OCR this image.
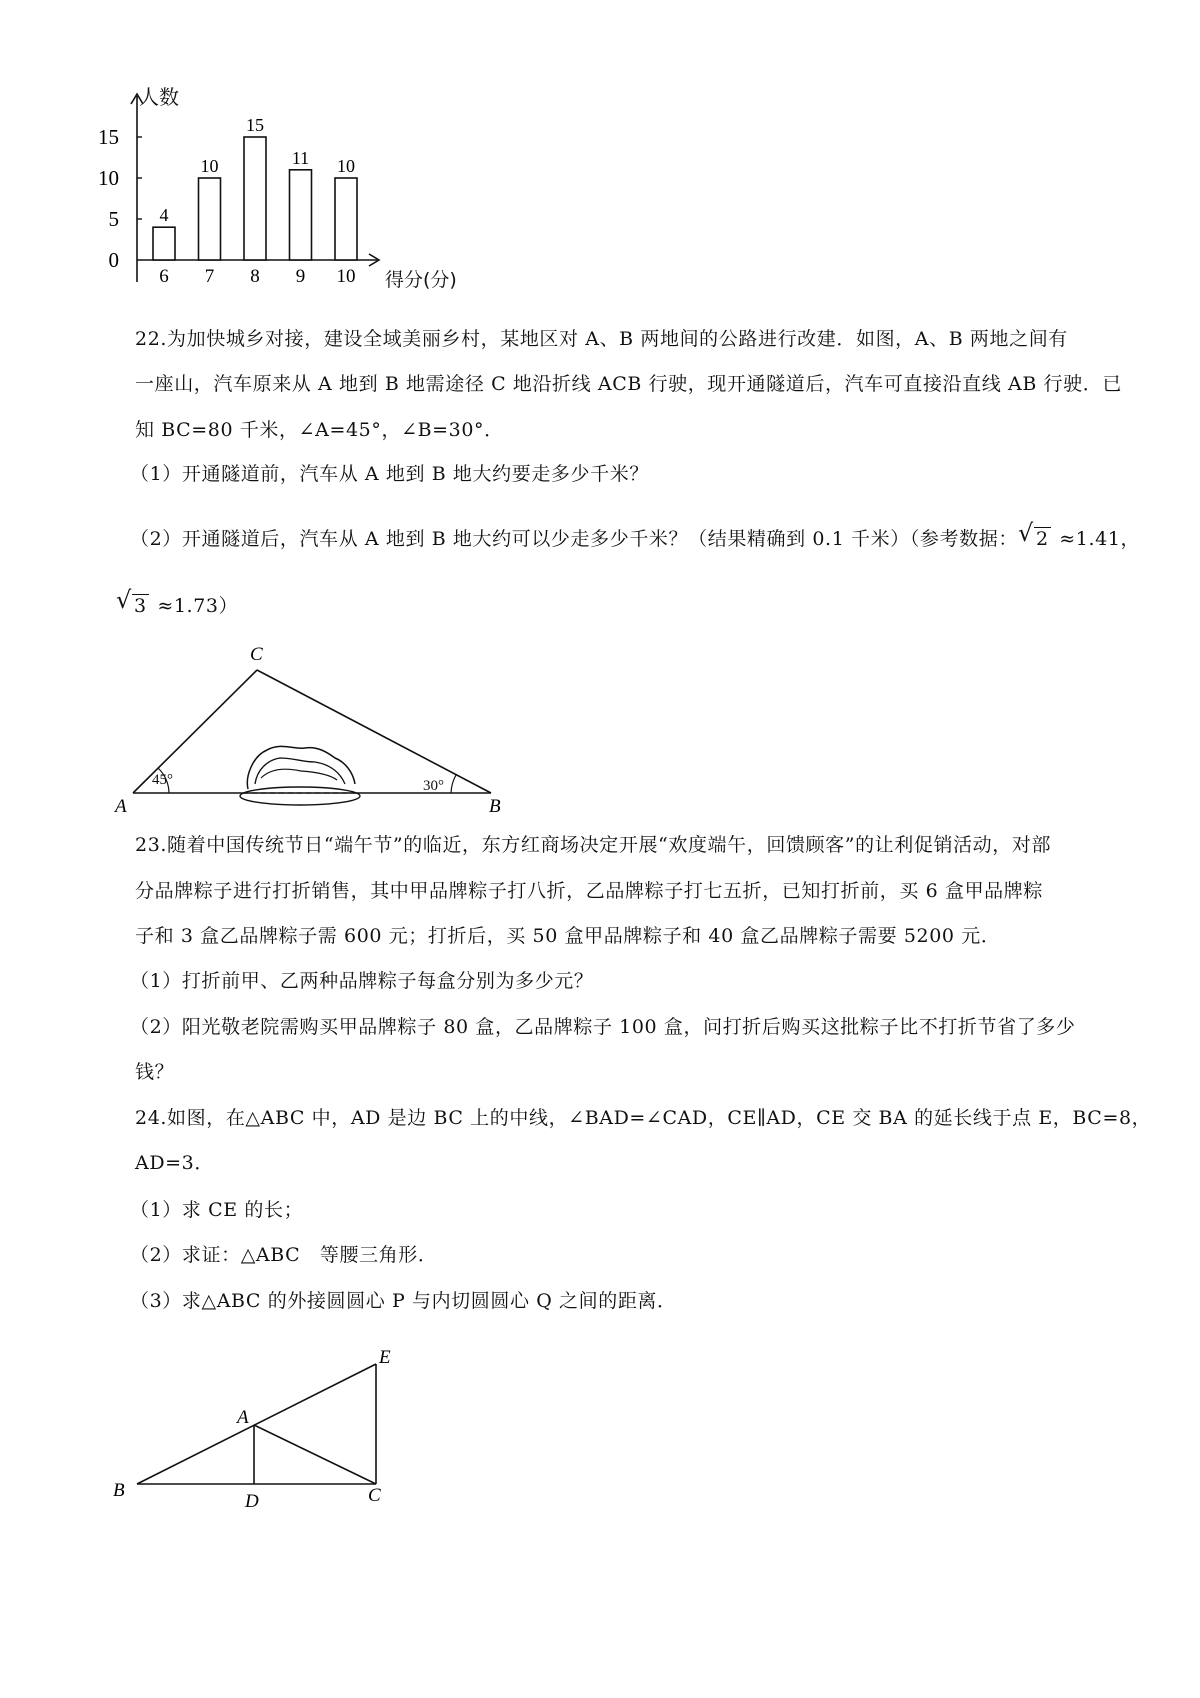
4
10
15
11 10
6 7 8 9 10
0
5
10
15
人数
得分(分)
22.为加快城乡对接，建设全域美丽乡村，某地区对 A、B 两地间的公路进行改建．如图，A、B 两地之间有
一座山，汽车原来从 A 地到 B 地需途径 C 地沿折线 ACB 行驶，现开通隧道后，汽车可直接沿直线 AB 行驶．已
知 BC=80 千米，∠A=45°，∠B=30°．
（1）开通隧道前，汽车从 A 地到 B 地大约要走多少千米？
（2）开通隧道后，汽车从 A 地到 B 地大约可以少走多少千米？（结果精确到 0.1 千米）（参考数据： √ 2 ≈1.41，
√ 3 ≈1.73）
C
A	B
45°	30°
23.随着中国传统节日“端午节”的临近，东方红商场决定开展“欢度端午，回馈顾客”的让利促销活动，对部
分品牌粽子进行打折销售，其中甲品牌粽子打八折，乙品牌粽子打七五折，已知打折前，买 6 盒甲品牌粽
子和 3 盒乙品牌粽子需 600 元；打折后，买 50 盒甲品牌粽子和 40 盒乙品牌粽子需要 5200 元．
（1）打折前甲、乙两种品牌粽子每盒分别为多少元？
（2）阳光敬老院需购买甲品牌粽子 80 盒，乙品牌粽子 100 盒，问打折后购买这批粽子比不打折节省了多少
钱？
24.如图，在△ABC 中，AD 是边 BC 上的中线，∠BAD=∠CAD，CE∥AD，CE 交 BA 的延长线于点 E，BC=8，
AD=3．
（1）求 CE 的长；
（2）求证：△ABC　等腰三角形．
（3）求△ABC 的外接圆圆心 P 与内切圆圆心 Q 之间的距离．
E
A
B
D	C
